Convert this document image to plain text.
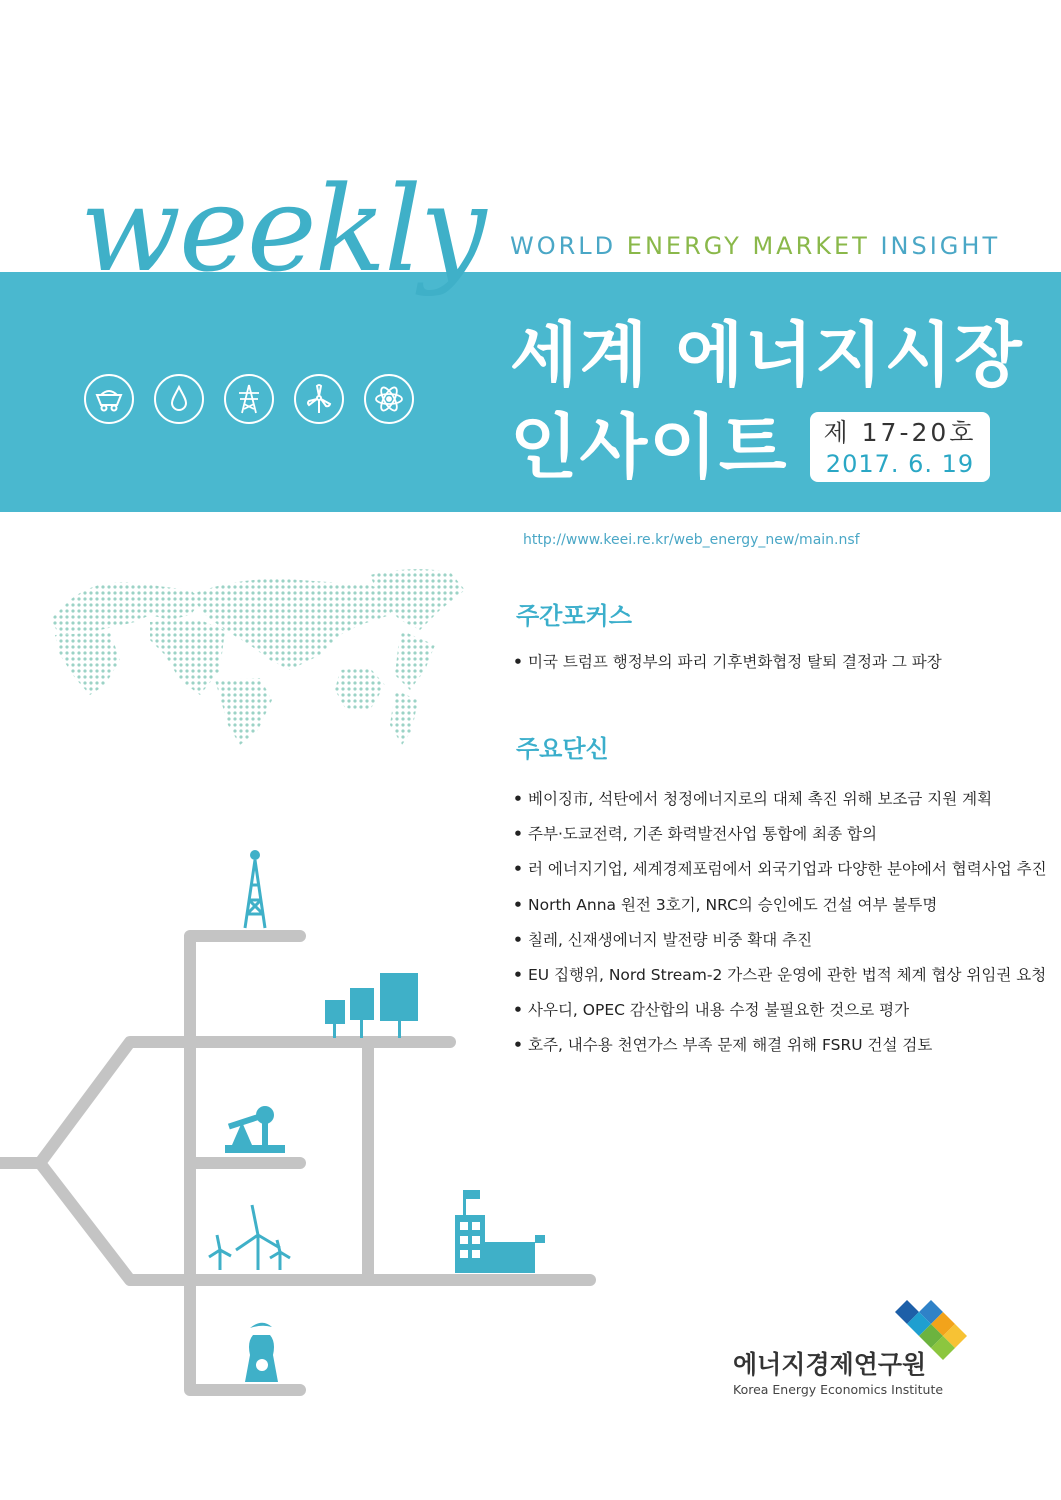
weekly WORLD ENERGY MARKET INSIGHT
세계 에너지시장
인사이트	제 17-20호
2017. 6. 19
http://www.keei.re.kr/web_energy_new/main.nsf
주간포커스
• 미국 트럼프 행정부의 파리 기후변화협정 탈퇴 결정과 그 파장
주요단신
• 베이징市, 석탄에서 청정에너지로의 대체 촉진 위해 보조금 지원 계획
• 주부·도쿄전력, 기존 화력발전사업 통합에 최종 합의
• 러 에너지기업, 세계경제포럼에서 외국기업과 다양한 분야에서 협력사업 추진
• North Anna 원전 3호기, NRC의 승인에도 건설 여부 불투명
• 칠레, 신재생에너지 발전량 비중 확대 추진
• EU 집행위, Nord Stream-2 가스관 운영에 관한 법적 체계 협상 위임권 요청
• 사우디, OPEC 감산합의 내용 수정 불필요한 것으로 평가
• 호주, 내수용 천연가스 부족 문제 해결 위해 FSRU 건설 검토
에너지경제연구원
Korea Energy Economics Institute
